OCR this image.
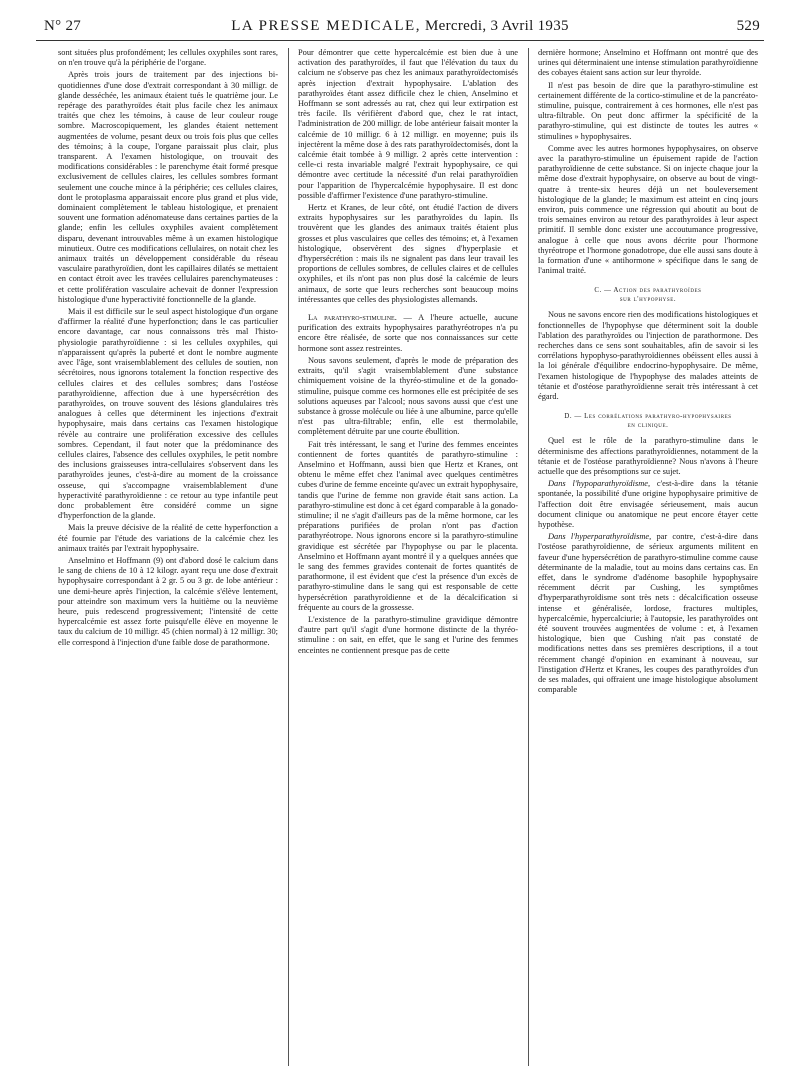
N° 27	LA PRESSE MEDICALE, Mercredi, 3 Avril 1935	529

sont situées plus profondément; les cellules oxyphiles sont rares, on n'en trouve qu'à la périphérie de l'organe.

Après trois jours de traitement par des injections bi-quotidiennes d'une dose d'extrait correspondant à 30 milligr. de glande desséchée, les animaux étaient tués le quatrième jour. Le repérage des parathyroïdes était plus facile chez les animaux traités que chez les témoins, à cause de leur couleur rouge sombre. Macroscopiquement, les glandes étaient nettement augmentées de volume, pesant deux ou trois fois plus que celles des témoins; à la coupe, l'organe paraissait plus clair, plus transparent. A l'examen histologique, on trouvait des modifications considérables : le parenchyme était formé presque exclusivement de cellules claires, les cellules sombres formant seulement une couche mince à la périphérie; ces cellules claires, dont le protoplasma apparaissait encore plus grand et plus vide, dominaient complètement le tableau histologique, et prenaient souvent une formation adénomateuse dans certaines parties de la glande; enfin les cellules oxyphiles avaient complètement disparu, devenant introuvables même à un examen histologique minutieux. Outre ces modifications cellulaires, on notait chez les animaux traités un développement considérable du réseau vasculaire parathyroïdien, dont les capillaires dilatés se mettaient en contact étroit avec les travées cellulaires parenchymateuses : et cette prolifération vasculaire achevait de donner l'expression histologique d'une hyperactivité fonctionnelle de la glande.

Mais il est difficile sur le seul aspect histologique d'un organe d'affirmer la réalité d'une hyperfonction; dans le cas particulier encore davantage, car nous connaissons très mal l'histo-physiologie parathyroïdienne : si les cellules oxyphiles, qui n'apparaissent qu'après la puberté et dont le nombre augmente avec l'âge, sont vraisemblablement des cellules de soutien, non sécrétoires, nous ignorons totalement la fonction respective des cellules claires et des cellules sombres; dans l'ostéose parathyroïdienne, affection due à une hypersécrétion des parathyroïdes, on trouve souvent des lésions glandulaires très analogues à celles que déterminent les injections d'extrait hypophysaire, mais dans certains cas l'examen histologique révèle au contraire une prolifération excessive des cellules sombres. Cependant, il faut noter que la prédominance des cellules claires, l'absence des cellules oxyphiles, le petit nombre des inclusions graisseuses intra-cellulaires s'observent dans les parathyroïdes jeunes, c'est-à-dire au moment de la croissance osseuse, qui s'accompagne vraisemblablement d'une hyperactivité parathyroïdienne : ce retour au type infantile peut donc probablement être considéré comme un signe d'hyperfonction de la glande.

Mais la preuve décisive de la réalité de cette hyperfonction a été fournie par l'étude des variations de la calcémie chez les animaux traités par l'extrait hypophysaire.

Anselmino et Hoffmann (9) ont d'abord dosé le calcium dans le sang de chiens de 10 à 12 kilogr. ayant reçu une dose d'extrait hypophysaire correspondant à 2 gr. 5 ou 3 gr. de lobe antérieur : une demi-heure après l'injection, la calcémie s'élève lentement, pour atteindre son maximum vers la huitième ou la neuvième heure, puis redescend progressivement; l'intensité de cette hypercalcémie est assez forte puisqu'elle élève en moyenne le taux du calcium de 10 milligr. 45 (chien normal) à 12 milligr. 30; elle correspond à l'injection d'une faible dose de parathormone.

Pour démontrer que cette hypercalcémie est bien due à une activation des parathyroïdes, il faut que l'élévation du taux du calcium ne s'observe pas chez les animaux parathyroïdectomisés après injection d'extrait hypophysaire. L'ablation des parathyroïdes étant assez difficile chez le chien, Anselmino et Hoffmann se sont adressés au rat, chez qui leur extirpation est très facile. Ils vérifièrent d'abord que, chez le rat intact, l'administration de 200 milligr. de lobe antérieur faisait monter la calcémie de 10 milligr. 6 à 12 milligr. en moyenne; puis ils injectèrent la même dose à des rats parathyroïdectomisés, dont la calcémie était tombée à 9 milligr. 2 après cette intervention : celle-ci resta invariable malgré l'extrait hypophysaire, ce qui démontre avec certitude la nécessité d'un relai parathyroïdien pour l'apparition de l'hypercalcémie hypophysaire. Il est donc possible d'affirmer l'existence d'une parathyro-stimuline.

Hertz et Kranes, de leur côté, ont étudié l'action de divers extraits hypophysaires sur les parathyroïdes du lapin. Ils trouvèrent que les glandes des animaux traités étaient plus grosses et plus vasculaires que celles des témoins; et, à l'examen histologique, observèrent des signes d'hyperplasie et d'hypersécrétion : mais ils ne signalent pas dans leur travail les proportions de cellules sombres, de cellules claires et de cellules oxyphiles, et ils n'ont pas non plus dosé la calcémie de leurs animaux, de sorte que leurs recherches sont beaucoup moins intéressantes que celles des physiologistes allemands.

La parathyro-stimuline. — A l'heure actuelle, aucune purification des extraits hypophysaires parathyréotropes n'a pu encore être réalisée, de sorte que nos connaissances sur cette hormone sont assez restreintes.

Nous savons seulement, d'après le mode de préparation des extraits, qu'il s'agit vraisemblablement d'une substance chimiquement voisine de la thyréo-stimuline et de la gonado-stimuline, puisque comme ces hormones elle est précipitée de ses solutions aqueuses par l'alcool; nous savons aussi que c'est une substance à grosse molécule ou liée à une albumine, parce qu'elle n'est pas ultra-filtrable; enfin, elle est thermolabile, complètement détruite par une courte ébullition.

Fait très intéressant, le sang et l'urine des femmes enceintes contiennent de fortes quantités de parathyro-stimuline : Anselmino et Hoffmann, aussi bien que Hertz et Kranes, ont obtenu le même effet chez l'animal avec quelques centimètres cubes d'urine de femme enceinte qu'avec un extrait hypophysaire, tandis que l'urine de femme non gravide était sans action. La parathyro-stimuline est donc à cet égard comparable à la gonado-stimuline; il ne s'agit d'ailleurs pas de la même hormone, car les préparations purifiées de prolan n'ont pas d'action parathyréotrope. Nous ignorons encore si la parathyro-stimuline gravidique est sécrétée par l'hypophyse ou par le placenta. Anselmino et Hoffmann ayant montré il y a quelques années que le sang des femmes gravides contenait de fortes quantités de parathormone, il est évident que c'est la présence d'un excès de parathyro-stimuline dans le sang qui est responsable de cette hypersécrétion parathyroïdienne et de la décalcification si fréquente au cours de la grossesse.

L'existence de la parathyro-stimuline gravidique démontre d'autre part qu'il s'agit d'une hormone distincte de la thyréo-stimuline : on sait, en effet, que le sang et l'urine des femmes enceintes ne contiennent presque pas de cette

dernière hormone; Anselmino et Hoffmann ont montré que des urines qui déterminaient une intense stimulation parathyroïdienne des cobayes étaient sans action sur leur thyroïde.

Il n'est pas besoin de dire que la parathyro-stimuline est certainement différente de la cortico-stimuline et de la pancréato-stimuline, puisque, contrairement à ces hormones, elle n'est pas ultra-filtrable. On peut donc affirmer la spécificité de la parathyro-stimuline, qui est distincte de toutes les autres « stimulines » hypophysaires.

Comme avec les autres hormones hypophysaires, on observe avec la parathyro-stimuline un épuisement rapide de l'action parathyroïdienne de cette substance. Si on injecte chaque jour la même dose d'extrait hypophysaire, on observe au bout de vingt-quatre à trente-six heures déjà un net bouleversement histologique de la glande; le maximum est atteint en cinq jours environ, puis commence une régression qui aboutit au bout de trois semaines environ au retour des parathyroïdes à leur aspect primitif. Il semble donc exister une accoutumance progressive, analogue à celle que nous avons décrite pour l'hormone thyréotrope et l'hormone gonadotrope, due elle aussi sans doute à la formation d'une « antihormone » spécifique dans le sang de l'animal traité.

C. — Action des parathyroïdes
sur l'hypophyse.

Nous ne savons encore rien des modifications histologiques et fonctionnelles de l'hypophyse que déterminent soit la double l'ablation des parathyroïdes ou l'injection de parathormone. Des recherches dans ce sens sont souhaitables, afin de savoir si les corrélations hypophyso-parathyroïdiennes obéissent elles aussi à la loi générale d'équilibre endocrino-hypophysaire. De même, l'examen histologique de l'hypophyse des malades atteints de tétanie et d'ostéose parathyroïdienne serait très intéressant à cet égard.

D. — Les corrélations parathyro-hypophysaires
en clinique.

Quel est le rôle de la parathyro-stimuline dans le déterminisme des affections parathyroïdiennes, notamment de la tétanie et de l'ostéose parathyroïdienne? Nous n'avons à l'heure actuelle que des présomptions sur ce sujet.

Dans l'hypoparathyroïdisme, c'est-à-dire dans la tétanie spontanée, la possibilité d'une origine hypophysaire primitive de l'affection doit être envisagée sérieusement, mais aucun document clinique ou anatomique ne peut encore étayer cette hypothèse.

Dans l'hyperparathyroïdisme, par contre, c'est-à-dire dans l'ostéose parathyroïdienne, de sérieux arguments militent en faveur d'une hypersécrétion de parathyro-stimuline comme cause déterminante de la maladie, tout au moins dans certains cas. En effet, dans le syndrome d'adénome basophile hypophysaire récemment décrit par Cushing, les symptômes d'hyperparathyroïdisme sont très nets : décalcification osseuse intense et généralisée, lordose, fractures multiples, hypercalcémie, hypercalciurie; à l'autopsie, les parathyroïdes ont été souvent trouvées augmentées de volume : et, à l'examen histologique, bien que Cushing n'ait pas constaté de modifications nettes dans ses premières descriptions, il a tout récemment changé d'opinion en examinant à nouveau, sur l'instigation d'Hertz et Kranes, les coupes des parathyroïdes d'un de ses malades, qui offraient une image histologique absolument comparable
